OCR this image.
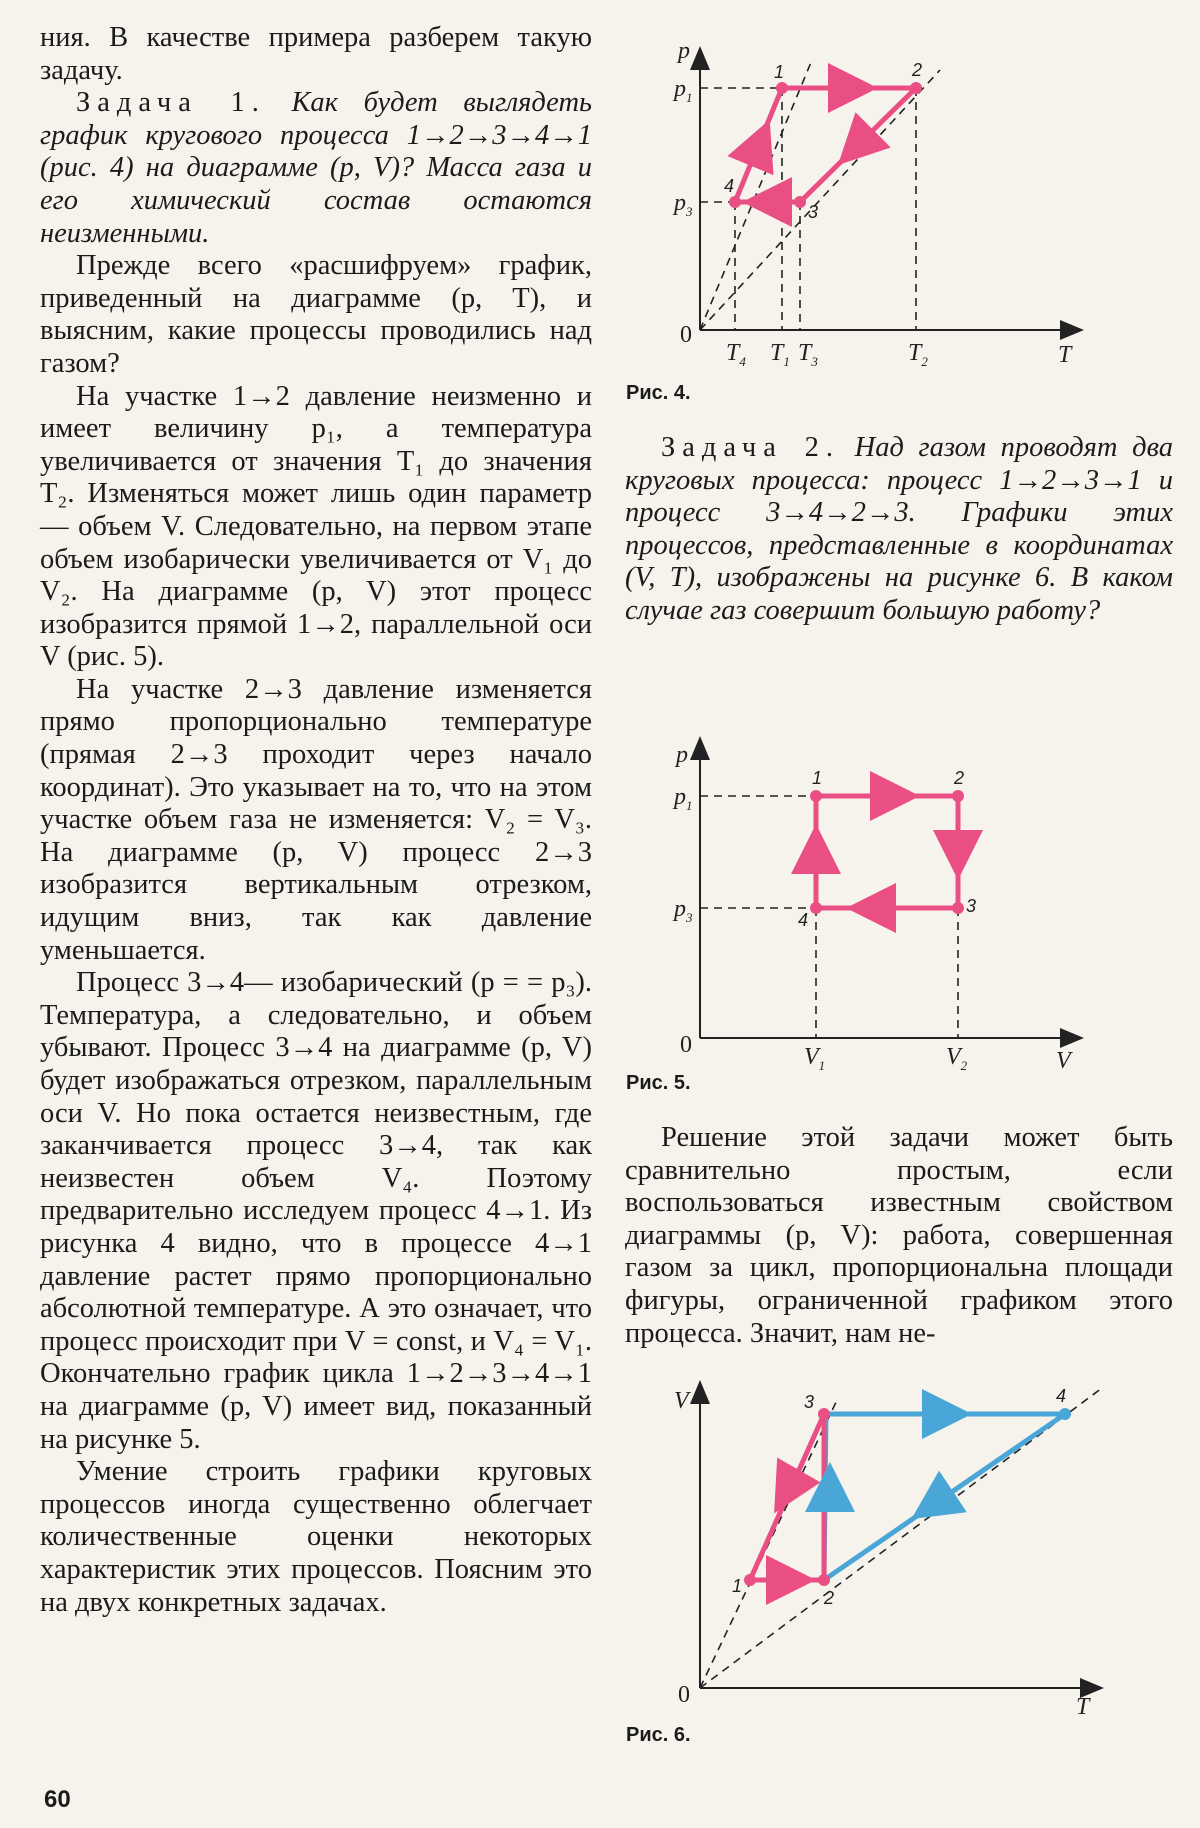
ния. В качестве примера разберем такую задачу.

Задача 1. Как будет выглядеть график кругового процесса 1→2→3→4→1 (рис. 4) на диаграмме (p, V)? Масса газа и его химический состав остаются неизменными.

Прежде всего «расшифруем» график, приведенный на диаграмме (p, T), и выясним, какие процессы проводились над газом?

На участке 1→2 давление неизменно и имеет величину p₁, а температура увеличивается от значения T₁ до значения T₂. Изменяться может лишь один параметр — объем V. Следовательно, на первом этапе объем изобарически увеличивается от V₁ до V₂. На диаграмме (p, V) этот процесс изобразится прямой 1→2, параллельной оси V (рис. 5).

На участке 2→3 давление изменяется прямо пропорционально температуре (прямая 2→3 проходит через начало координат). Это указывает на то, что на этом участке объем газа не изменяется: V₂ = V₃. На диаграмме (p, V) процесс 2→3 изобразится вертикальным отрезком, идущим вниз, так как давление уменьшается.

Процесс 3→4— изобарический (p = = p₃). Температура, а следовательно, и объем убывают. Процесс 3→4 на диаграмме (p, V) будет изображаться отрезком, параллельным оси V. Но пока остается неизвестным, где заканчивается процесс 3→4, так как неизвестен объем V₄. Поэтому предварительно исследуем процесс 4→1. Из рисунка 4 видно, что в процессе 4→1 давление растет прямо пропорционально абсолютной температуре. А это означает, что процесс происходит при V = const, и V₄ = V₁. Окончательно график цикла 1→2→3→4→1 на диаграмме (p, V) имеет вид, показанный на рисунке 5.

Умение строить графики круговых процессов иногда существенно облегчает количественные оценки некоторых характеристик этих процессов. Поясним это на двух конкретных задачах.

1	2
3
4
p
T
0
$p_1$
$p_3$
$T_4$ $T_1$ $T_3$	$T_2$
Рис. 4.

Задача 2. Над газом проводят два круговых процесса: процесс 1→2→3→1 и процесс 3→4→2→3. Графики этих процессов, представленные в координатах (V, T), изображены на рисунке 6. В каком случае газ совершит большую работу?

1	2
3
4
p
V
0
$p_1$
$p_3$
$V_1$	$V_2$
Рис. 5.

Решение этой задачи может быть сравнительно простым, если воспользоваться известным свойством диаграммы (p, V): работа, совершенная газом за цикл, пропорциональна площади фигуры, ограниченной графиком этого процесса. Значит, нам не-

1
2
3	4
V
T
0
Рис. 6.
60
